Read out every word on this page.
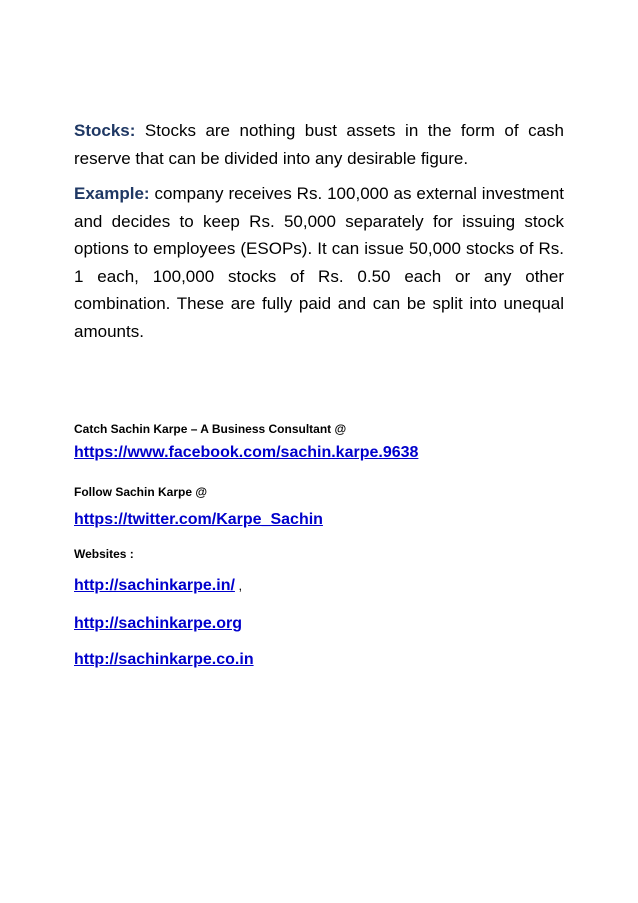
Stocks: Stocks are nothing bust assets in the form of cash reserve that can be divided into any desirable figure.

Example: company receives Rs. 100,000 as external investment and decides to keep Rs. 50,000 separately for issuing stock options to employees (ESOPs). It can issue 50,000 stocks of Rs. 1 each, 100,000 stocks of Rs. 0.50 each or any other combination. These are fully paid and can be split into unequal amounts.

Catch Sachin Karpe – A Business Consultant @

https://www.facebook.com/sachin.karpe.9638

Follow Sachin Karpe @

https://twitter.com/Karpe_Sachin

Websites :

http://sachinkarpe.in/ ,

http://sachinkarpe.org

http://sachinkarpe.co.in
